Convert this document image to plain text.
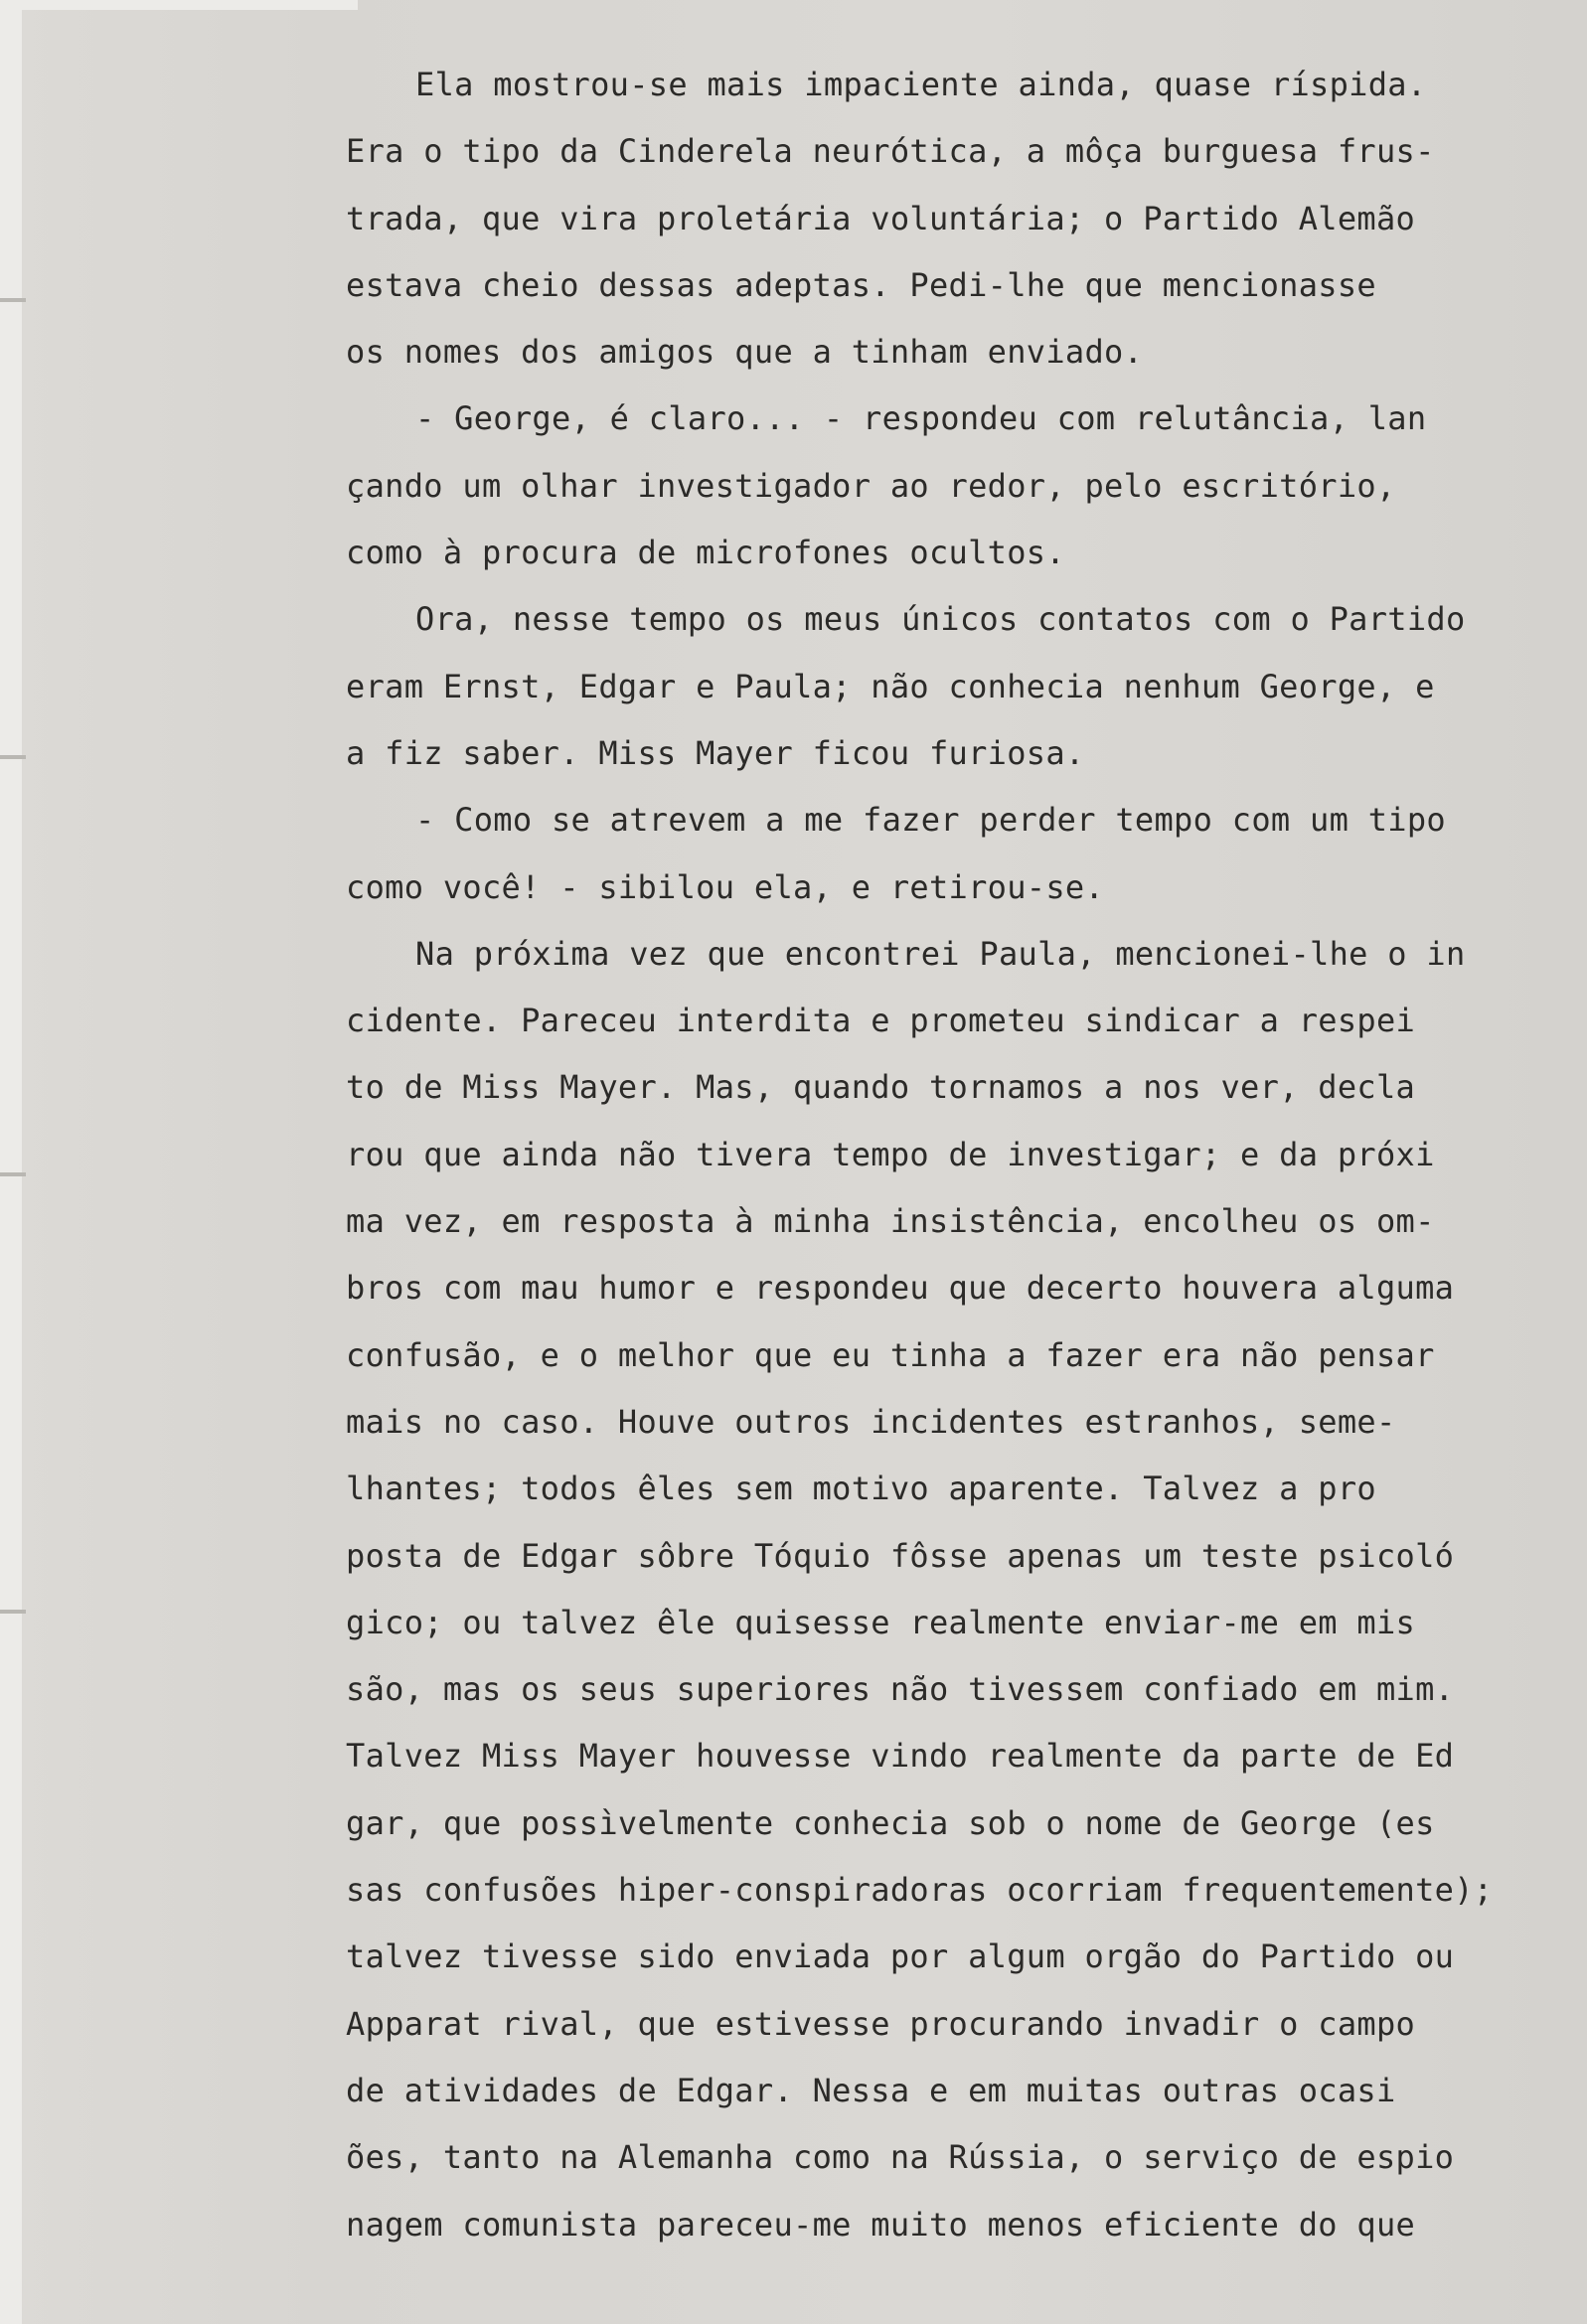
Ela mostrou-se mais impaciente ainda, quase ríspida.
Era o tipo da Cinderela neurótica, a môça burguesa frus-
trada, que vira proletária voluntária; o Partido Alemão
estava cheio dessas adeptas. Pedi-lhe que mencionasse
os nomes dos amigos que a tinham enviado.
- George, é claro... - respondeu com relutância, lan
çando um olhar investigador ao redor, pelo escritório,
como à procura de microfones ocultos.
Ora, nesse tempo os meus únicos contatos com o Partido
eram Ernst, Edgar e Paula; não conhecia nenhum George, e
a fiz saber. Miss Mayer ficou furiosa.
- Como se atrevem a me fazer perder tempo com um tipo
como você! - sibilou ela, e retirou-se.
Na próxima vez que encontrei Paula, mencionei-lhe o in
cidente. Pareceu interdita e prometeu sindicar a respei
to de Miss Mayer. Mas, quando tornamos a nos ver, decla
rou que ainda não tivera tempo de investigar; e da próxi
ma vez, em resposta à minha insistência, encolheu os om-
bros com mau humor e respondeu que decerto houvera alguma
confusão, e o melhor que eu tinha a fazer era não pensar
mais no caso. Houve outros incidentes estranhos, seme-
lhantes; todos êles sem motivo aparente. Talvez a pro
posta de Edgar sôbre Tóquio fôsse apenas um teste psicoló
gico; ou talvez êle quisesse realmente enviar-me em mis
são, mas os seus superiores não tivessem confiado em mim.
Talvez Miss Mayer houvesse vindo realmente da parte de Ed
gar, que possìvelmente conhecia sob o nome de George (es
sas confusões hiper-conspiradoras ocorriam frequentemente);
talvez tivesse sido enviada por algum orgão do Partido ou
Apparat rival, que estivesse procurando invadir o campo
de atividades de Edgar. Nessa e em muitas outras ocasi
ões, tanto na Alemanha como na Rússia, o serviço de espio
nagem comunista pareceu-me muito menos eficiente do que
